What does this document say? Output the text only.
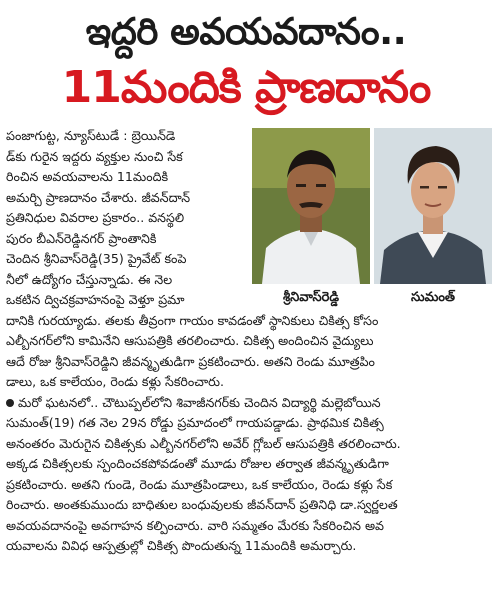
ఇద్దరి అవయవదానం..
11మందికి ప్రాణదానం
శ్రీనివాస్‌రెడ్డి	సుమంత్‌
పంజాగుట్ట, న్యూస్‌టుడే : బ్రెయిన్‌డె
డ్‌కు గురైన ఇద్దరు వ్యక్తుల నుంచి సేక
రించిన అవయవాలను 11మందికి
అమర్చి ప్రాణదానం చేశారు. జీవన్‌దాన్‌
ప్రతినిధుల వివరాల ప్రకారం.. వనస్థలి
పురం బీఎన్‌రెడ్డినగర్‌ ప్రాంతానికి
చెందిన శ్రీనివాస్‌రెడ్డి(35) ప్రైవేట్‌ కంపె
నీలో ఉద్యోగం చేస్తున్నాడు. ఈ నెల
ఒకటిన ద్విచక్రవాహనంపై వెళ్తూ ప్రమా
దానికి గురయ్యాడు. తలకు తీవ్రంగా గాయం కావడంతో స్థానికులు చికిత్స కోసం
ఎల్బీనగర్‌లోని కామినేని ఆసుపత్రికి తరలించారు. చికిత్స అందించిన వైద్యులు
ఆదే రోజు శ్రీనివాస్‌రెడ్డిని జీవన్మృతుడిగా ప్రకటించారు. అతని రెండు మూత్రపిం
డాలు, ఒక కాలేయం, రెండు కళ్లు సేకరించారు.
మరో ఘటనలో.. చౌటుప్పల్‌లోని శివాజీనగర్‌కు చెందిన విద్యార్థి మల్లెబోయిన
సుమంత్‌(19) గత నెల 29న రోడ్డు ప్రమాదంలో గాయపడ్డాడు. ప్రాథమిక చికిత్స
అనంతరం మెరుగైన చికిత్సకు ఎల్బీనగర్‌లోని అవేర్‌ గ్లోబల్‌ ఆసుపత్రికి తరలించారు.
అక్కడ చికిత్సలకు స్పందించకపోవడంతో మూడు రోజుల తర్వాత జీవన్మృతుడిగా
ప్రకటించారు. అతని గుండె, రెండు మూత్రపిండాలు, ఒక కాలేయం, రెండు కళ్లు సేక
రించారు. అంతకుముందు బాధితుల బంధువులకు జీవన్‌దాన్‌ ప్రతినిధి డా.స్వర్ణలత
అవయవదానంపై అవగాహన కల్పించారు. వారి సమ్మతం మేరకు సేకరించిన అవ
యవాలను వివిధ ఆస్పత్రుల్లో చికిత్స పొందుతున్న 11మందికి అమర్చారు.
